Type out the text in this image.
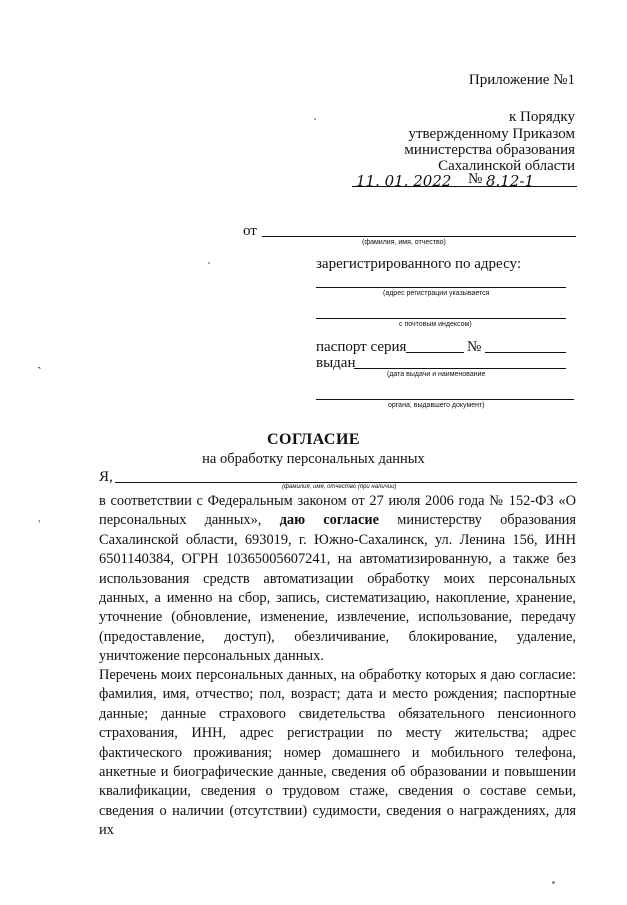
Приложение №1
к Порядку
утвержденному Приказом
министерства образования
Сахалинской области
11. 01. 2022 № 8.12-1
от
(фамилия, имя, отчество)
зарегистрированного по адресу:
(адрес регистрации указывается
с почтовым индексом)
паспорт серия	№
выдан
(дата выдачи и наименование
органа, выдавшего документ)
СОГЛАСИЕ
на обработку персональных данных
Я,
(фамилия, имя, отчество (при наличии)
в соответствии с Федеральным законом от 27 июля 2006 года № 152-ФЗ «О персональных данных», даю согласие министерству образования Сахалинской области, 693019, г. Южно-Сахалинск, ул. Ленина 156, ИНН 6501140384, ОГРН 1036500560724​1, на автоматизированную, а также без использования средств автоматизации обработку моих персональных данных, а именно на сбор, запись, систематизацию, накопление, хранение, уточнение (обновление, изменение, извлечение, использование, передачу (предоставление, доступ), обезличивание, блокирование, удаление, уничтожение персональных данных.
Перечень моих персональных данных, на обработку которых я даю согласие: фамилия, имя, отчество; пол, возраст; дата и место рождения; паспортные данные; данные страхового свидетельства обязательного пенсионного страхования, ИНН, адрес регистрации по месту жительства; адрес фактического проживания; номер домашнего и мобильного телефона, анкетные и биографические данные, сведения об образовании и повышении квалификации, сведения о трудовом стаже, сведения о составе семьи, сведения о наличии (отсутствии) судимости, сведения о награждениях, для их
ˎ
˒
